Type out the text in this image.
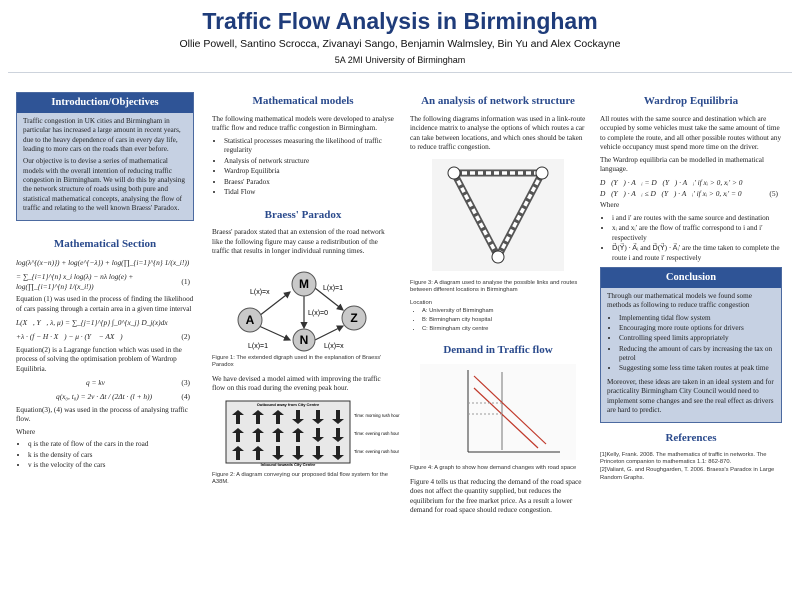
Traffic Flow Analysis in Birmingham
Ollie Powell, Santino Scrocca, Zivanayi Sango, Benjamin Walmsley, Bin Yu and Alex Cockayne
5A 2MI University of Birmingham
Introduction/Objectives

Traffic congestion in UK cities and Birmingham in particular has increased a large amount in recent years, due to the heavy dependence of cars in every day life, leading to more cars on the roads than ever before.

Our objective is to devise a series of mathematical models with the overall intention of reducing traffic congestion in Birmingham. We will do this by analysing the network structure of roads using both pure and statistical mathematical concepts, analysing the flow of traffic and relating to the well known Braess' Paradox.

Mathematical Section
log(λ^{(x−n)}) + log(e^{−λ}) + log(∏_{i=1}^{n} 1/(x_i!))
= ∑_{i=1}^{n} x_i log(λ) − nλ log(e) + log(∏_{i=1}^{n} 1/(x_i!))
(1)

Equation (1) was used in the process of finding the likelihood of cars passing through a certain area in a given time interval

L(X⃗, Y⃗, λ, μ) = ∑_{j=1}^{p} ∫_0^{x_j} D_j(x)dx
+λ · (f − H · X⃗) − μ · (Y⃗ − AX⃗)	(2)

Equation(2) is a Lagrange function which was used in the process of solving the optimisation problem of Wardrop Equilibria.

q = kv	(3)
q(x₀, t₀) = 2v · Δt / (2Δt · (l + h))	(4)

Equation(3), (4) was used in the process of analysing traffic flow.

Where

• q is the rate of flow of the cars in the road
• k is the density of cars
• v is the velocity of the cars
Mathematical models

The following mathematical models were developed to analyse traffic flow and reduce traffic congestion in Birmingham.

• Statistical processes measuring the likelihood of traffic regularity
• Analysis of network structure
• Wardrop Equilibria
• Braess' Paradox
• Tidal Flow
Braess' Paradox

Braess' paradox stated that an extension of the road network like the following figure may cause a redistribution of the traffic that results in longer individual running times.

A
M
Z
N
L(x)=x
L(x)=1
L(x)=0
L(x)=1	L(x)=x
Figure 1: The extended digraph used in the explanation of Braess' Paradox

We have devised a model aimed with improving the traffic flow on this road during the evening peak hour.

Outbound away from City Centre
Inbound towards City Centre
Time: morning rush hour
Time: evening rush hour
Time: evening rush hour
Figure 2: A diagram conveying our proposed tidal flow system for the A38M.
An analysis of network structure

The following diagrams information was used in a link-route incidence matrix to analyse the options of which routes a car can take between locations, and which ones should be taken to reduce traffic congestion.

Figure 3: A diagram used to analyse the possible links and routes between different locations in Birmingham
Location
• A: University of Birmingham
• B: Birmingham city hospital
• C: Birmingham city centre
Demand in Traffic flow
Figure 4: A graph to show how demand changes with road space

Figure 4 tells us that reducing the demand of the road space does not affect the quantity supplied, but reduces the equilibrium for the free market price. As a result a lower demand for road space should reduce congestion.

Wardrop Equilibria

All routes with the same source and destination which are occupied by some vehicles must take the same amount of time to complete the route, and all other possible routes without any vehicle occupancy must spend more time on the driver.

The Wardrop equilibria can be modelled in mathematical language.

D⃗(Y⃗) · A⃗ᵢ = D⃗(Y⃗) · A⃗ᵢ′ if xᵢ > 0, xᵢ′ > 0
D⃗(Y⃗) · A⃗ᵢ ≤ D⃗(Y⃗) · A⃗ᵢ′ if xᵢ > 0, xᵢ′ = 0	(5)

Where

• i and i′ are routes with the same source and destination
• xᵢ and xᵢ′ are the flow of traffic correspond to i and i′ respectively
• D⃗(Y⃗) · A⃗ᵢ and D⃗(Y⃗) · A⃗ᵢ′ are the time taken to complete the route i and route i′ respectively
Conclusion

Through our mathematical models we found some methods as following to reduce traffic congestion

• Implementing tidal flow system
• Encouraging more route options for drivers
• Controlling speed limits appropriately
• Reducing the amount of cars by increasing the tax on petrol
• Suggesting some less time taken routes at peak time

Moreover, these ideas are taken in an ideal system and for practicality Birmingham City Council would need to implement some changes and see the real effect as drivers are hard to predict.

References
[1]Kelly, Frank. 2008. The mathematics of traffic in networks. The Princeton companion to mathematics 1.1: 862-870.
[2]Valiant, G. and Roughgarden, T. 2006. Braess's Paradox in Large Random Graphs.
